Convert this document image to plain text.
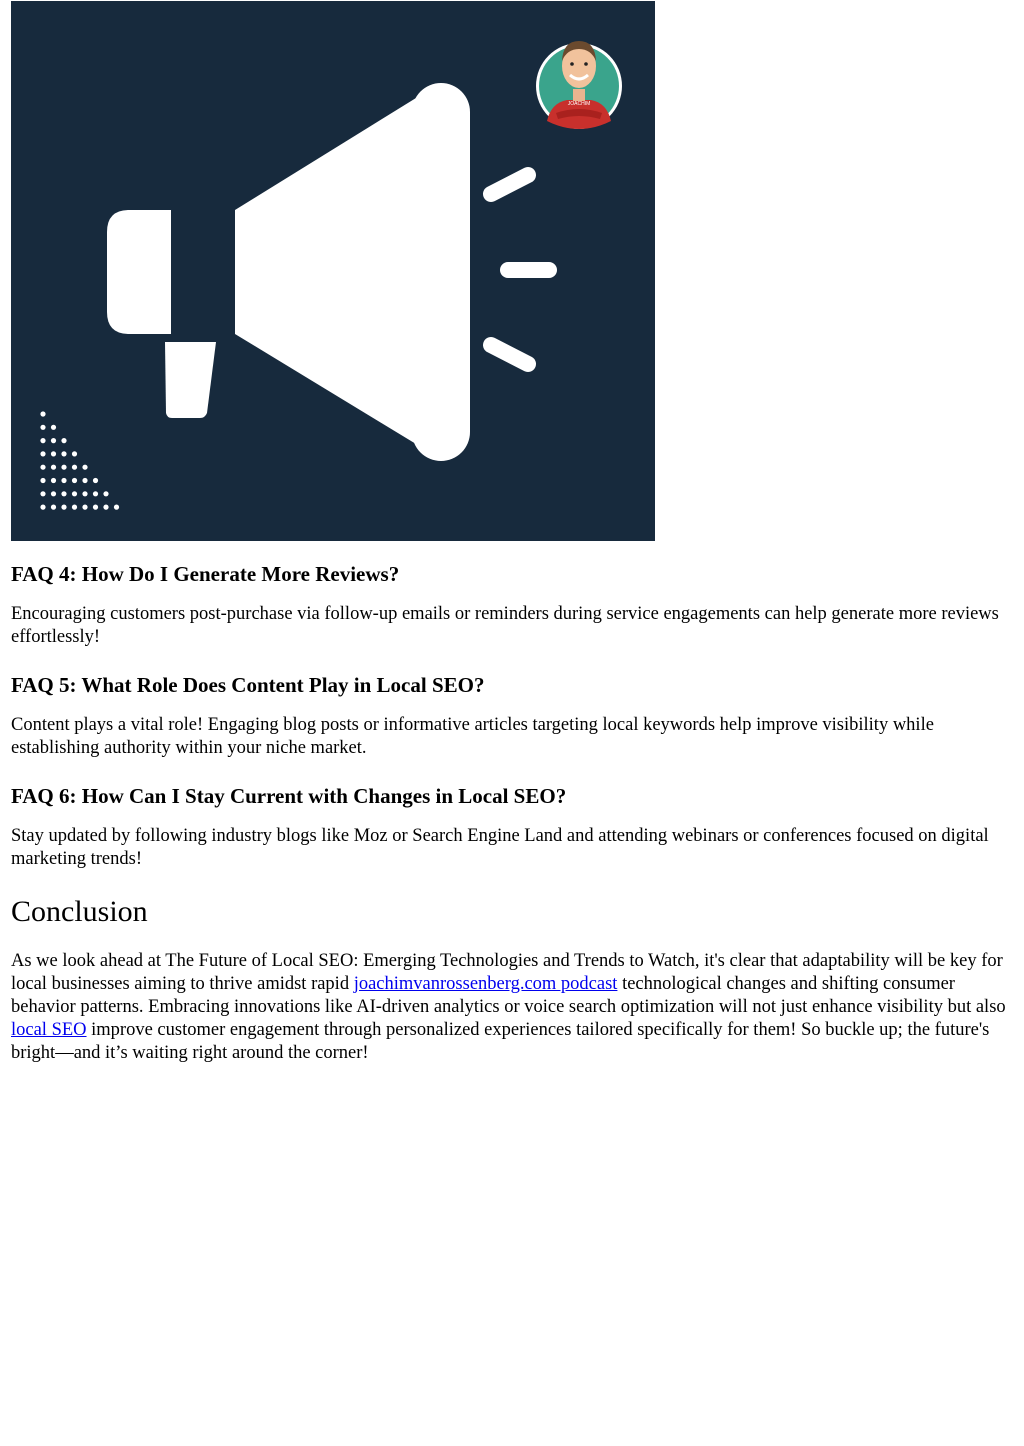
JOACHIM
FAQ 4: How Do I Generate More Reviews?

Encouraging customers post-purchase via follow-up emails or reminders during service engagements can help generate more reviews effortlessly!

FAQ 5: What Role Does Content Play in Local SEO?

Content plays a vital role! Engaging blog posts or informative articles targeting local keywords help improve visibility while establishing authority within your niche market.

FAQ 6: How Can I Stay Current with Changes in Local SEO?

Stay updated by following industry blogs like Moz or Search Engine Land and attending webinars or conferences focused on digital marketing trends!

Conclusion

As we look ahead at The Future of Local SEO: Emerging Technologies and Trends to Watch, it's clear that adaptability will be key for local businesses aiming to thrive amidst rapid joachimvanrossenberg.com podcast technological changes and shifting consumer behavior patterns. Embracing innovations like AI-driven analytics or voice search optimization will not just enhance visibility but also local SEO improve customer engagement through personalized experiences tailored specifically for them! So buckle up; the future's bright—and it’s waiting right around the corner!
